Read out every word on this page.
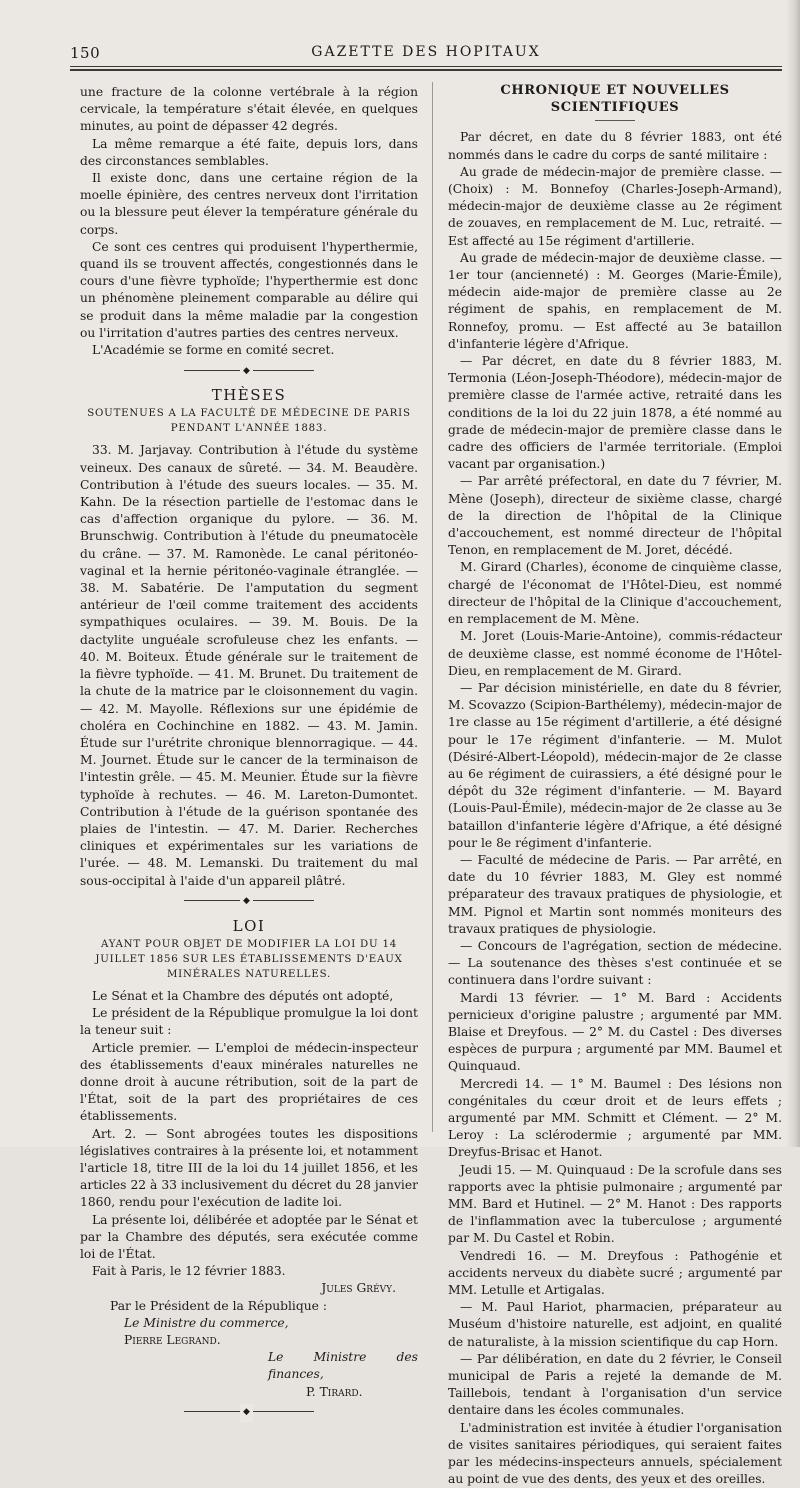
150	GAZETTE DES HOPITAUX

une fracture de la colonne vertébrale à la région cervicale, la température s'était élevée, en quelques minutes, au point de dépasser 42 degrés.

La même remarque a été faite, depuis lors, dans des circonstances semblables.

Il existe donc, dans une certaine région de la moelle épinière, des centres nerveux dont l'irritation ou la blessure peut élever la température générale du corps.

Ce sont ces centres qui produisent l'hyperthermie, quand ils se trouvent affectés, congestionnés dans le cours d'une fièvre typhoïde; l'hyperthermie est donc un phénomène pleinement comparable au délire qui se produit dans la même maladie par la congestion ou l'irritation d'autres parties des centres nerveux.

L'Académie se forme en comité secret.

◆
THÈSES
SOUTENUES A LA FACULTÉ DE MÉDECINE DE PARIS PENDANT L'ANNÉE 1883.

33. M. Jarjavay. Contribution à l'étude du système veineux. Des canaux de sûreté. — 34. M. Beaudère. Contribution à l'étude des sueurs locales. — 35. M. Kahn. De la résection partielle de l'estomac dans le cas d'affection organique du pylore. — 36. M. Brunschwig. Contribution à l'étude du pneumatocèle du crâne. — 37. M. Ramonède. Le canal péritonéo-vaginal et la hernie péritonéo-vaginale étranglée. — 38. M. Sabatérie. De l'amputation du segment antérieur de l'œil comme traitement des accidents sympathiques oculaires. — 39. M. Bouis. De la dactylite unguéale scrofuleuse chez les enfants. — 40. M. Boiteux. Étude générale sur le traitement de la fièvre typhoïde. — 41. M. Brunet. Du traitement de la chute de la matrice par le cloisonnement du vagin. — 42. M. Mayolle. Réflexions sur une épidémie de choléra en Cochinchine en 1882. — 43. M. Jamin. Étude sur l'urétrite chronique blennorragique. — 44. M. Journet. Étude sur le cancer de la terminaison de l'intestin grêle. — 45. M. Meunier. Étude sur la fièvre typhoïde à rechutes. — 46. M. Lareton-Dumontet. Contribution à l'étude de la guérison spontanée des plaies de l'intestin. — 47. M. Darier. Recherches cliniques et expérimentales sur les variations de l'urée. — 48. M. Lemanski. Du traitement du mal sous-occipital à l'aide d'un appareil plâtré.

◆
LOI
AYANT POUR OBJET DE MODIFIER LA LOI DU 14 JUILLET 1856 SUR LES ÉTABLISSEMENTS D'EAUX MINÉRALES NATURELLES.

Le Sénat et la Chambre des députés ont adopté,

Le président de la République promulgue la loi dont la teneur suit :

Article premier. — L'emploi de médecin-inspecteur des établissements d'eaux minérales naturelles ne donne droit à aucune rétribution, soit de la part de l'État, soit de la part des propriétaires de ces établissements.

Art. 2. — Sont abrogées toutes les dispositions législatives contraires à la présente loi, et notamment l'article 18, titre III de la loi du 14 juillet 1856, et les articles 22 à 33 inclusivement du décret du 28 janvier 1860, rendu pour l'exécution de ladite loi.

La présente loi, délibérée et adoptée par le Sénat et par la Chambre des députés, sera exécutée comme loi de l'État.

Fait à Paris, le 12 février 1883.

Jules Grévy.
Par le Président de la République :
Le Ministre du commerce,
Pierre Legrand.
Le Ministre des finances,
P. Tirard.
◆
CHRONIQUE ET NOUVELLES SCIENTIFIQUES

Par décret, en date du 8 février 1883, ont été nommés dans le cadre du corps de santé militaire :

Au grade de médecin-major de première classe. — (Choix) : M. Bonnefoy (Charles-Joseph-Armand), médecin-major de deuxième classe au 2e régiment de zouaves, en remplacement de M. Luc, retraité. — Est affecté au 15e régiment d'artillerie.

Au grade de médecin-major de deuxième classe. — 1er tour (ancienneté) : M. Georges (Marie-Émile), médecin aide-major de première classe au 2e régiment de spahis, en remplacement de M. Ronnefoy, promu. — Est affecté au 3e bataillon d'infanterie légère d'Afrique.

— Par décret, en date du 8 février 1883, M. Termonia (Léon-Joseph-Théodore), médecin-major de première classe de l'armée active, retraité dans les conditions de la loi du 22 juin 1878, a été nommé au grade de médecin-major de première classe dans le cadre des officiers de l'armée territoriale. (Emploi vacant par organisation.)

— Par arrêté préfectoral, en date du 7 février, M. Mène (Joseph), directeur de sixième classe, chargé de la direction de l'hôpital de la Clinique d'accouchement, est nommé directeur de l'hôpital Tenon, en remplacement de M. Joret, décédé.

M. Girard (Charles), économe de cinquième classe, chargé de l'économat de l'Hôtel-Dieu, est nommé directeur de l'hôpital de la Clinique d'accouchement, en remplacement de M. Mène.

M. Joret (Louis-Marie-Antoine), commis-rédacteur de deuxième classe, est nommé économe de l'Hôtel-Dieu, en remplacement de M. Girard.

— Par décision ministérielle, en date du 8 février, M. Scovazzo (Scipion-Barthélemy), médecin-major de 1re classe au 15e régiment d'artillerie, a été désigné pour le 17e régiment d'infanterie. — M. Mulot (Désiré-Albert-Léopold), médecin-major de 2e classe au 6e régiment de cuirassiers, a été désigné pour le dépôt du 32e régiment d'infanterie. — M. Bayard (Louis-Paul-Émile), médecin-major de 2e classe au 3e bataillon d'infanterie légère d'Afrique, a été désigné pour le 8e régiment d'infanterie.

— Faculté de médecine de Paris. — Par arrêté, en date du 10 février 1883, M. Gley est nommé préparateur des travaux pratiques de physiologie, et MM. Pignol et Martin sont nommés moniteurs des travaux pratiques de physiologie.

— Concours de l'agrégation, section de médecine. — La soutenance des thèses s'est continuée et se continuera dans l'ordre suivant :

Mardi 13 février. — 1° M. Bard : Accidents pernicieux d'origine palustre ; argumenté par MM. Blaise et Dreyfous. — 2° M. du Castel : Des diverses espèces de purpura ; argumenté par MM. Baumel et Quinquaud.

Mercredi 14. — 1° M. Baumel : Des lésions non congénitales du cœur droit et de leurs effets ; argumenté par MM. Schmitt et Clément. — 2° M. Leroy : La sclérodermie ; argumenté par MM. Dreyfus-Brisac et Hanot.

Jeudi 15. — M. Quinquaud : De la scrofule dans ses rapports avec la phtisie pulmonaire ; argumenté par MM. Bard et Hutinel. — 2° M. Hanot : Des rapports de l'inflammation avec la tuberculose ; argumenté par M. Du Castel et Robin.

Vendredi 16. — M. Dreyfous : Pathogénie et accidents nerveux du diabète sucré ; argumenté par MM. Letulle et Artigalas.

— M. Paul Hariot, pharmacien, préparateur au Muséum d'histoire naturelle, est adjoint, en qualité de naturaliste, à la mission scientifique du cap Horn.

— Par délibération, en date du 2 février, le Conseil municipal de Paris a rejeté la demande de M. Taillebois, tendant à l'organisation d'un service dentaire dans les écoles communales.

L'administration est invitée à étudier l'organisation de visites sanitaires périodiques, qui seraient faites par les médecins-inspecteurs annuels, spécialement au point de vue des dents, des yeux et des oreilles.
